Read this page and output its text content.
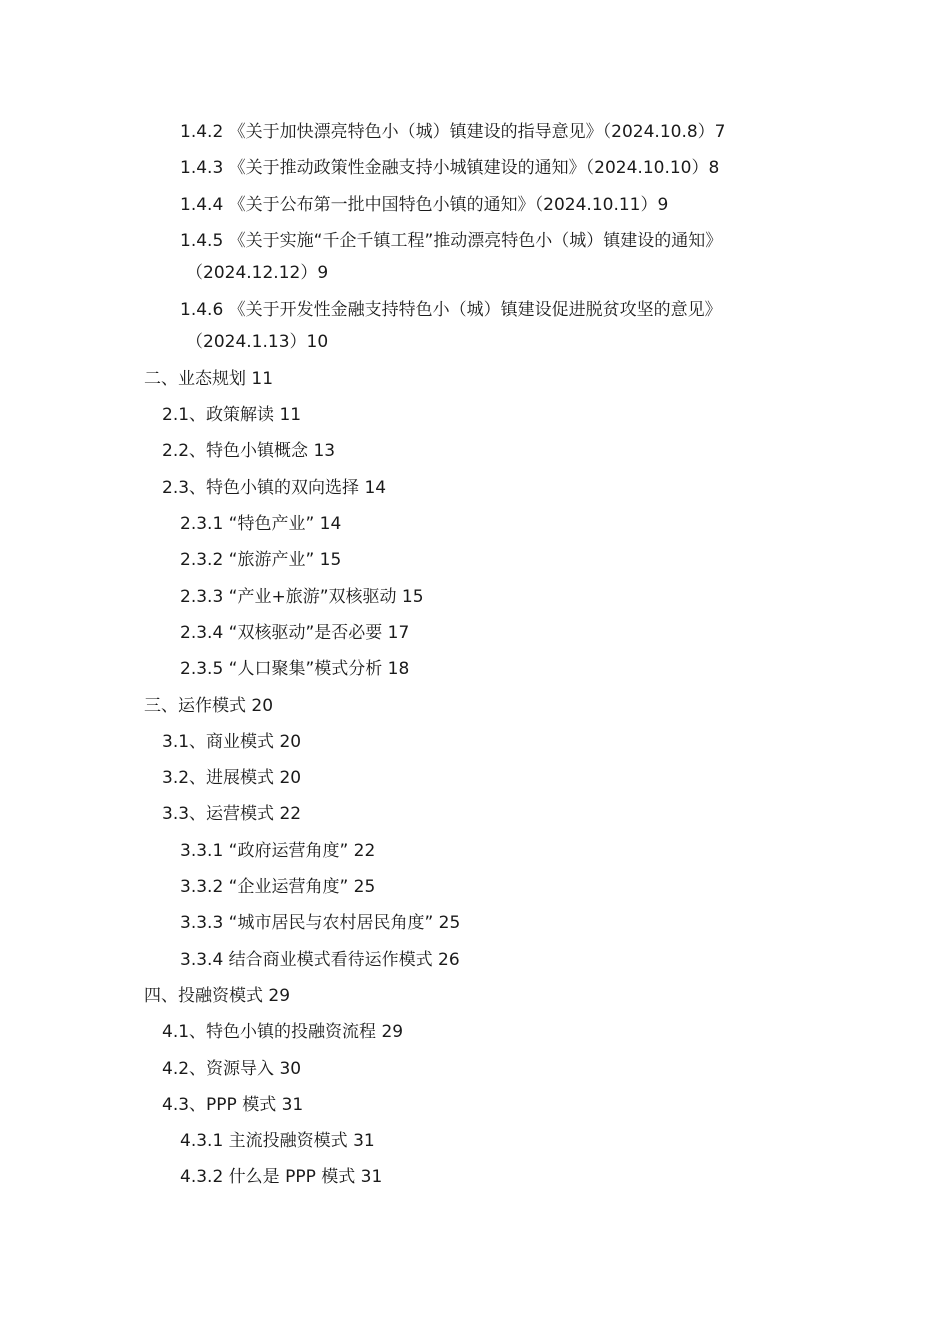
1.4.2 《关于加快漂亮特色小（城）镇建设的指导意见》（2024.10.8）7
1.4.3 《关于推动政策性金融支持小城镇建设的通知》（2024.10.10）8
1.4.4 《关于公布第一批中国特色小镇的通知》（2024.10.11）9
1.4.5 《关于实施“千企千镇工程”推动漂亮特色小（城）镇建设的通知》
（2024.12.12）9
1.4.6 《关于开发性金融支持特色小（城）镇建设促进脱贫攻坚的意见》
（2024.1.13）10
二、业态规划 11
2.1、政策解读 11
2.2、特色小镇概念 13
2.3、特色小镇的双向选择 14
2.3.1 “特色产业” 14
2.3.2 “旅游产业” 15
2.3.3 “产业+旅游”双核驱动 15
2.3.4 “双核驱动”是否必要 17
2.3.5 “人口聚集”模式分析 18
三、运作模式 20
3.1、商业模式 20
3.2、进展模式 20
3.3、运营模式 22
3.3.1 “政府运营角度” 22
3.3.2 “企业运营角度” 25
3.3.3 “城市居民与农村居民角度” 25
3.3.4 结合商业模式看待运作模式 26
四、投融资模式 29
4.1、特色小镇的投融资流程 29
4.2、资源导入 30
4.3、PPP 模式 31
4.3.1 主流投融资模式 31
4.3.2 什么是 PPP 模式 31
